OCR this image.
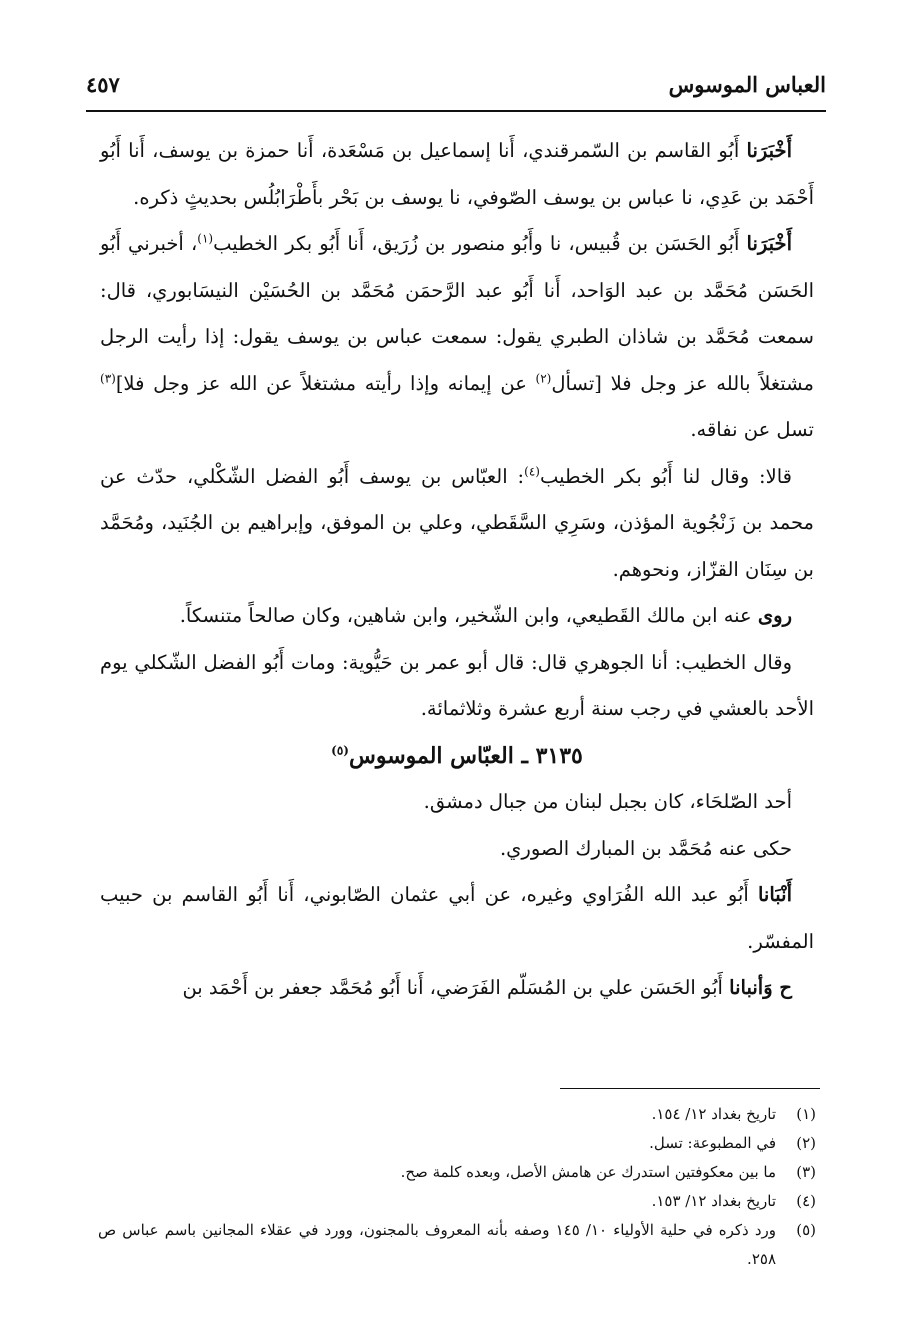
العباس الموسوس
٤٥٧

أَخْبَرَنا أَبُو القاسم بن السّمرقندي، أَنا إسماعيل بن مَسْعَدة، أَنا حمزة بن يوسف، أَنا أَبُو أَحْمَد بن عَدِي، نا عباس بن يوسف الصّوفي، نا يوسف بن بَحْر بأَطْرَابُلُس بحديثٍ ذكره.

أَخْبَرَنا أَبُو الحَسَن بن قُبيس، نا وأَبُو منصور بن زُرَيق، أَنا أَبُو بكر الخطيب$^{(١)}$، أخبرني أَبُو الحَسَن مُحَمَّد بن عبد الوَاحد، أَنا أَبُو عبد الرَّحمَن مُحَمَّد بن الحُسَيْن النيسَابوري، قال: سمعت مُحَمَّد بن شاذان الطبري يقول: سمعت عباس بن يوسف يقول: إذا رأيت الرجل مشتغلاً بالله عز وجل فلا [تسأل$^{(٢)}$ عن إيمانه وإذا رأيته مشتغلاً عن الله عز وجل فلا]$^{(٣)}$ تسل عن نفاقه.

قالا: وقال لنا أَبُو بكر الخطيب$^{(٤)}$: العبّاس بن يوسف أَبُو الفضل الشّكْلي، حدّث عن محمد بن زَنْجُوية المؤذن، وسَرِي السَّقَطي، وعلي بن الموفق، وإبراهيم بن الجُنَيد، ومُحَمَّد بن سِنَان القزّاز، ونحوهم.

روى عنه ابن مالك القَطيعي، وابن الشّخير، وابن شاهين، وكان صالحاً متنسكاً.

وقال الخطيب: أنا الجوهري قال: قال أبو عمر بن حَيُّوية: ومات أَبُو الفضل الشّكلي يوم الأحد بالعشي في رجب سنة أربع عشرة وثلاثمائة.

٣١٣٥ ـ العبّاس الموسوس$^{(٥)}$

أحد الصّلحَاء، كان بجبل لبنان من جبال دمشق.

حكى عنه مُحَمَّد بن المبارك الصوري.

أَنْبَانا أَبُو عبد الله الفُرَاوي وغيره، عن أبي عثمان الصّابوني، أَنا أَبُو القاسم بن حبيب المفسّر.

ح وَأنبانا أَبُو الحَسَن علي بن المُسَلّم الفَرَضي، أَنا أَبُو مُحَمَّد جعفر بن أَحْمَد بن

(١)
تاريخ بغداد ١٢/ ١٥٤.

(٢)
في المطبوعة: تسل.

(٣)
ما بين معكوفتين استدرك عن هامش الأصل، وبعده كلمة صح.

(٤)
تاريخ بغداد ١٢/ ١٥٣.

(٥)
ورد ذكره في حلية الأولياء ١٠/ ١٤٥ وصفه بأنه المعروف بالمجنون، وورد في عقلاء المجانين باسم عباس ص ٢٥٨.
